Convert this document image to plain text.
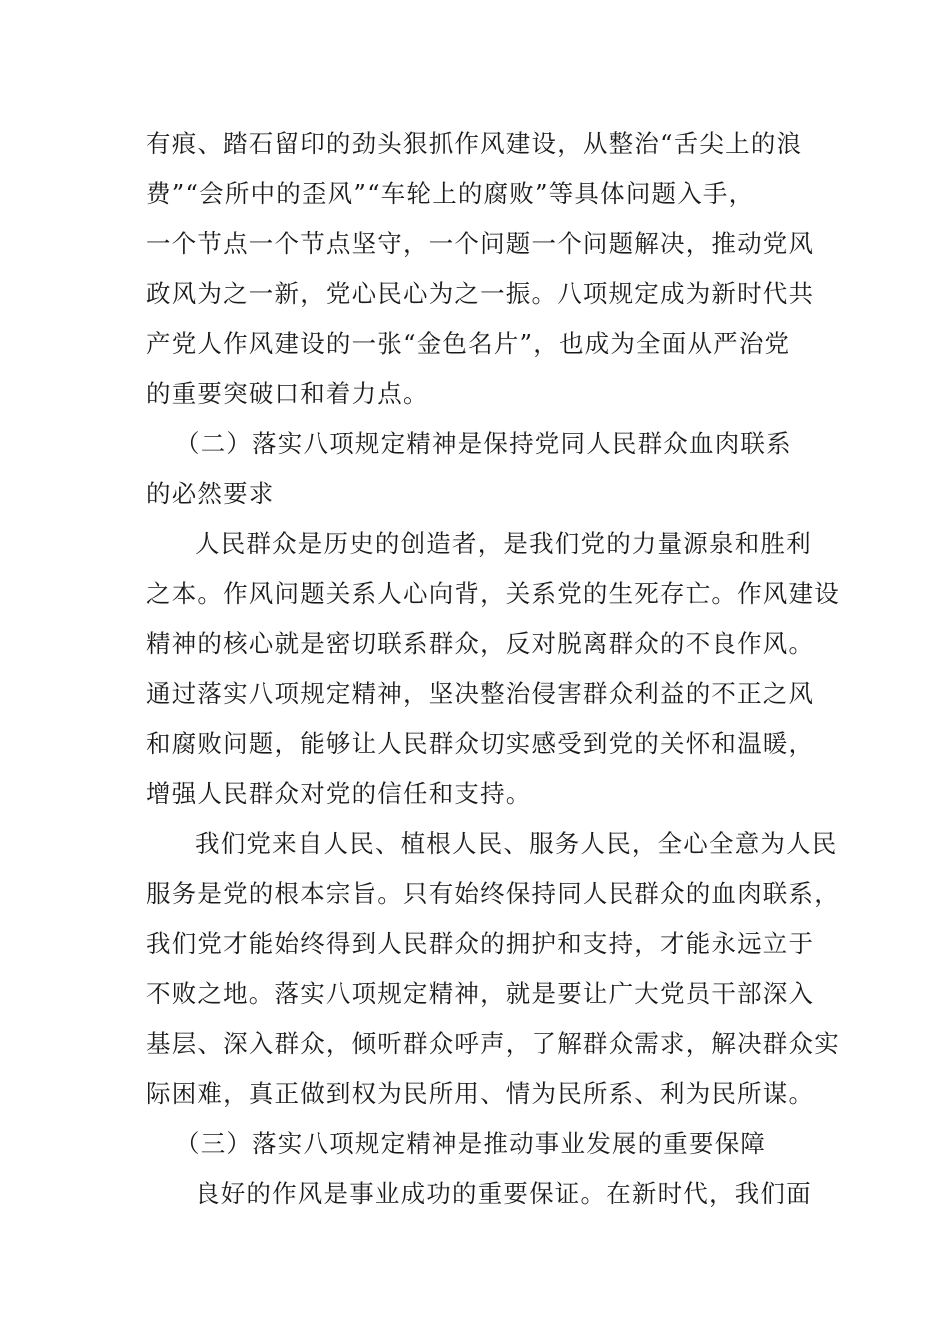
有痕、踏石留印的劲头狠抓作风建设，从整治“舌尖上的浪
费”“会所中的歪风”“车轮上的腐败”等具体问题入手，
一个节点一个节点坚守，一个问题一个问题解决，推动党风
政风为之一新，党心民心为之一振。八项规定成为新时代共
产党人作风建设的一张“金色名片”，也成为全面从严治党
的重要突破口和着力点。
（二）落实八项规定精神是保持党同人民群众血肉联系
的必然要求
人民群众是历史的创造者，是我们党的力量源泉和胜利
之本。作风问题关系人心向背，关系党的生死存亡。作风建设
精神的核心就是密切联系群众，反对脱离群众的不良作风。
通过落实八项规定精神，坚决整治侵害群众利益的不正之风
和腐败问题，能够让人民群众切实感受到党的关怀和温暖，
增强人民群众对党的信任和支持。
我们党来自人民、植根人民、服务人民，全心全意为人民
服务是党的根本宗旨。只有始终保持同人民群众的血肉联系，
我们党才能始终得到人民群众的拥护和支持，才能永远立于
不败之地。落实八项规定精神，就是要让广大党员干部深入
基层、深入群众，倾听群众呼声，了解群众需求，解决群众实
际困难，真正做到权为民所用、情为民所系、利为民所谋。
（三）落实八项规定精神是推动事业发展的重要保障
良好的作风是事业成功的重要保证。在新时代，我们面
